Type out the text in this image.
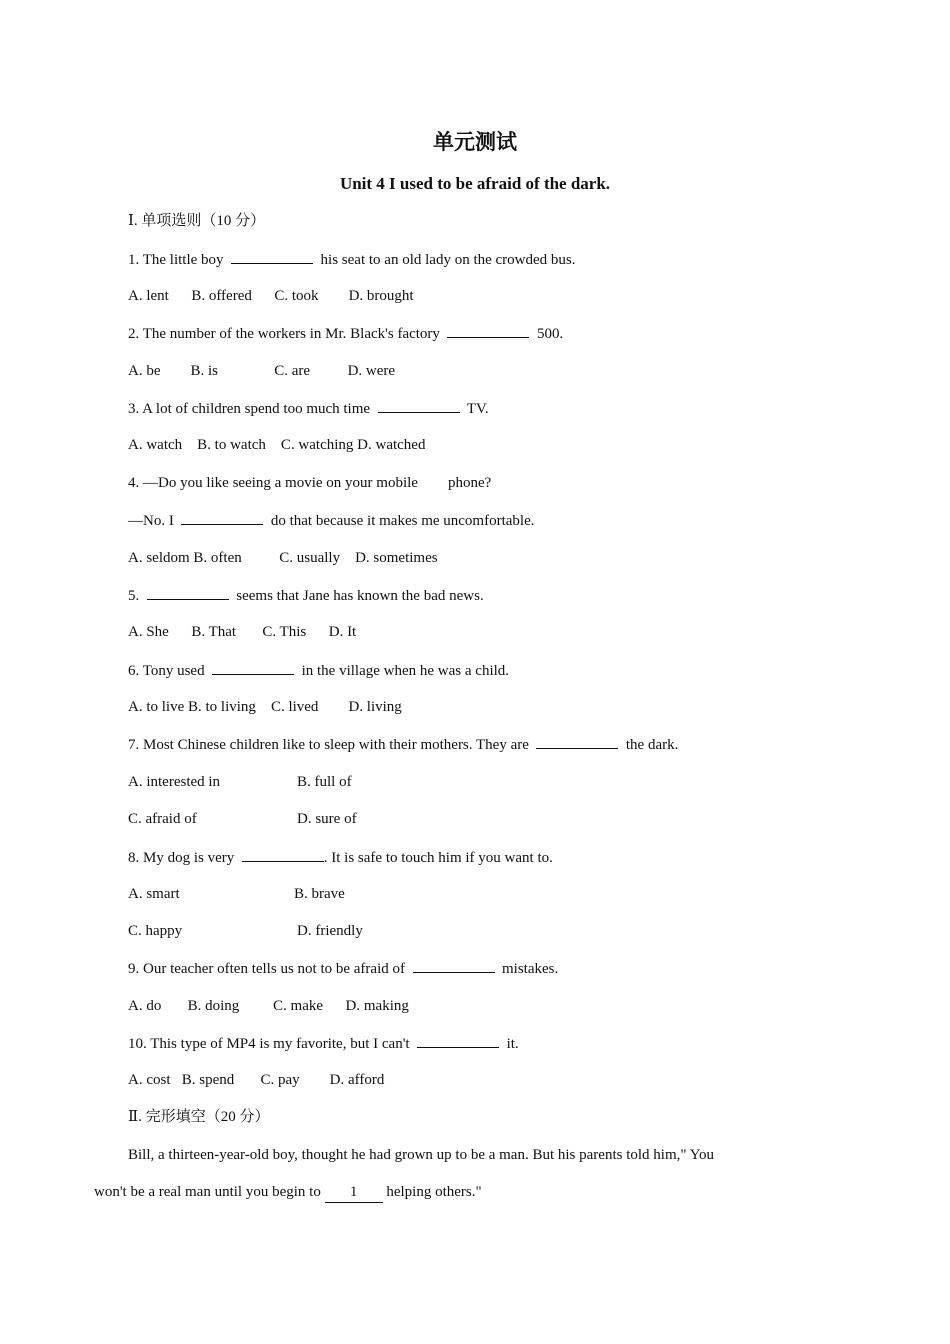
单元测试
Unit 4 I used to be afraid of the dark.
Ⅰ. 单项选则（10 分）
1. The little boy	his seat to an old lady on the crowded bus.
A. lent B. offered C. took D. brought
2. The number of the workers in Mr. Black's factory	500.
A. be B. is	C. are	D. were
3. A lot of children spend too much time	TV.
A. watch B. to watch C. watching D. watched
4. —Do you like seeing a movie on your mobile phone?
—No. I	do that because it makes me uncomfortable.
A. seldom B. often	C. usually D. sometimes
5.	seems that Jane has known the bad news.
A. She B. That C. This D. It
6. Tony used	in the village when he was a child.
A. to live B. to living C. lived D. living
7. Most Chinese children like to sleep with their mothers. They are	the dark.
A. interested in	B. full of
C. afraid of	D. sure of
8. My dog is very	. It is safe to touch him if you want to.
A. smart	B. brave
C. happy	D. friendly
9. Our teacher often tells us not to be afraid of	mistakes.
A. do B. doing C. make D. making
10. This type of MP4 is my favorite, but I can't	it.
A. cost B. spend C. pay D. afford
Ⅱ. 完形填空（20 分）
Bill, a thirteen-year-old boy, thought he had grown up to be a man. But his parents told him," You
won't be a real man until you begin to 1 helping others."
